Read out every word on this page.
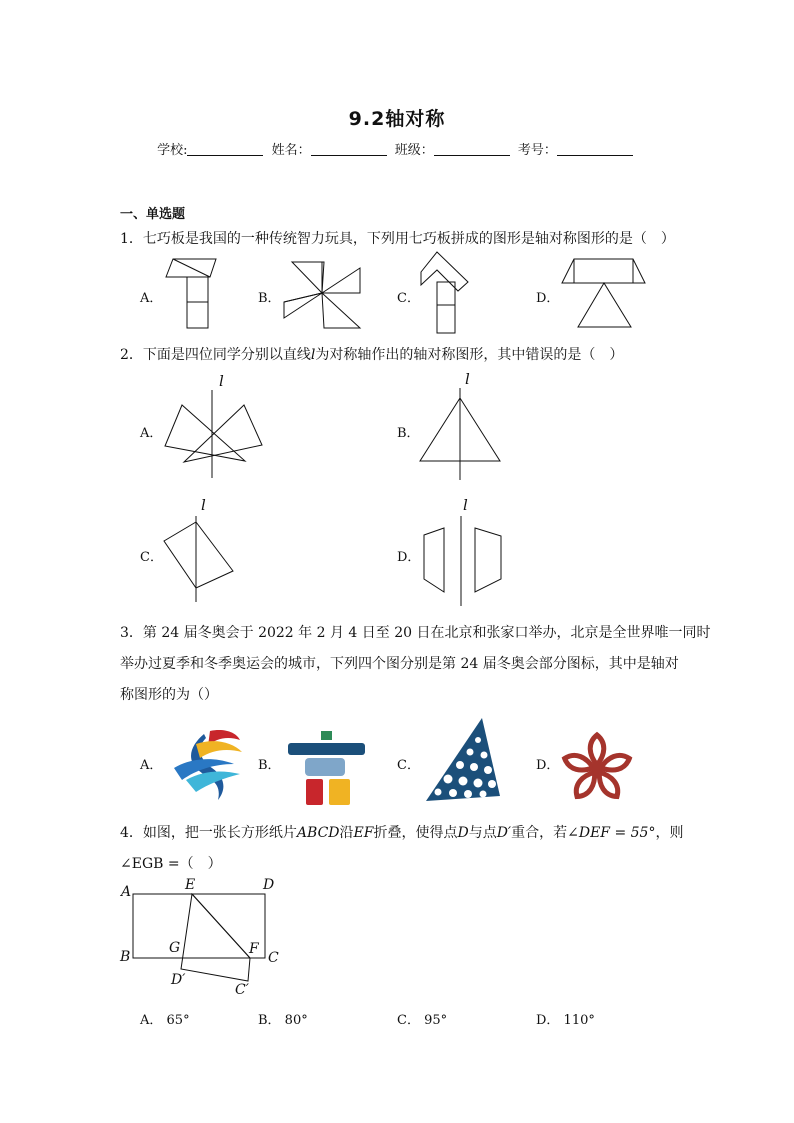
9.2轴对称
学校:	姓名：	班级：	考号：
一、单选题
1．七巧板是我国的一种传统智力玩具，下列用七巧板拼成的图形是轴对称图形的是（　）
A．	B．	C．	D．
2．下面是四位同学分别以直线l为对称轴作出的轴对称图形，其中错误的是（　）
A．	B．
C．	D．
l	l
l	l
3．第 24 届冬奥会于 2022 年 2 月 4 日至 20 日在北京和张家口举办，北京是全世界唯一同时
举办过夏季和冬季奥运会的城市，下列四个图分别是第 24 届冬奥会部分图标，其中是轴对
称图形的为（）
A．	B．	C．	D．
4．如图，把一张长方形纸片ABCD沿EF折叠，使得点D与点D′重合，若∠DEF = 55°，则
∠EGB =（　）
A	E	D
B
G	F
C
D′
C′
A． 65°	B． 80°	C． 95°	D． 110°
